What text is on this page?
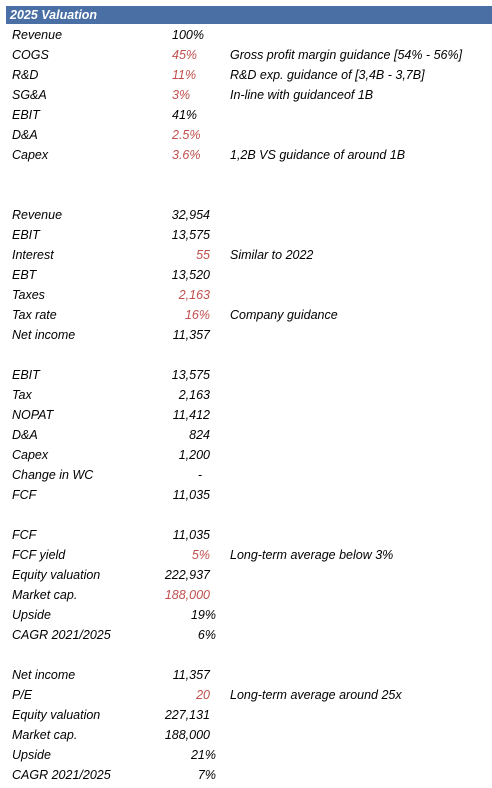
2025 Valuation
Revenue	100%
COGS	45%	Gross profit margin guidance [54% - 56%]
R&D	11%	R&D exp. guidance of [3,4B - 3,7B]
SG&A	3%	In-line with guidanceof 1B
EBIT	41%
D&A	2.5%
Capex	3.6% 1,2B VS guidance of around 1B
Revenue	32,954
EBIT	13,575
Interest	55 Similar to 2022
EBT	13,520
Taxes	2,163
Tax rate	16% Company guidance
Net income	11,357
EBIT	13,575
Tax	2,163
NOPAT	11,412
D&A	824
Capex	1,200
Change in WC	-
FCF	11,035
FCF	11,035
FCF yield	5% Long-term average below 3%
Equity valuation	222,937
Market cap.	188,000
Upside	19%
CAGR 2021/2025	6%
Net income	11,357
P/E	20 Long-term average around 25x
Equity valuation	227,131
Market cap.	188,000
Upside	21%
CAGR 2021/2025	7%
